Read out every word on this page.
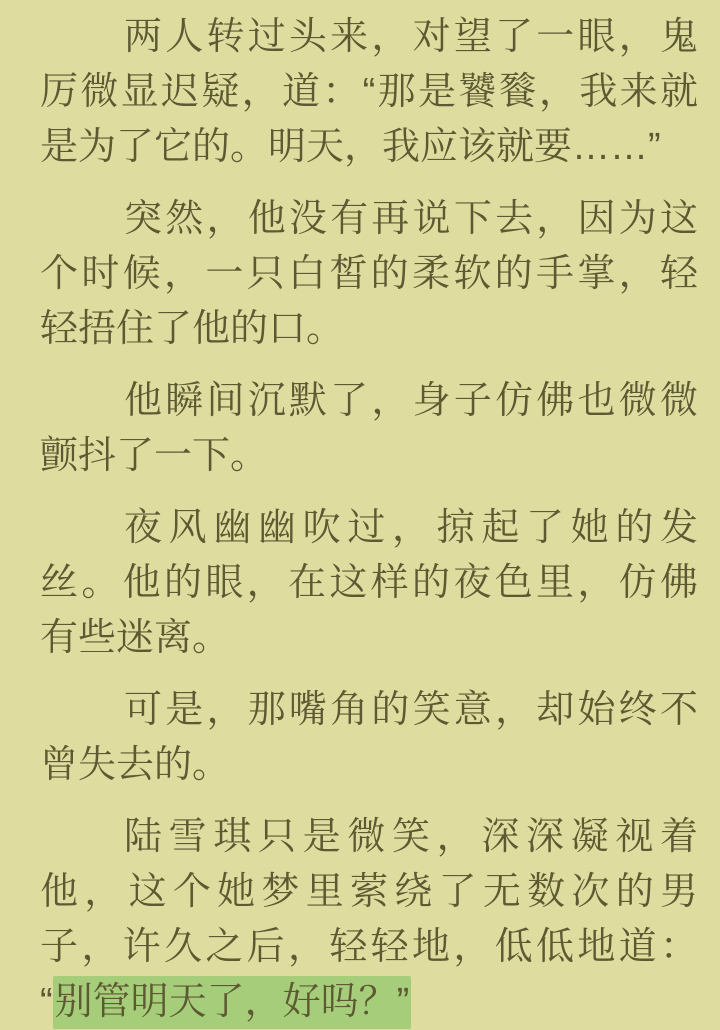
两人转过头来，对望了一眼，鬼
厉微显迟疑，道：“那是饕餮，我来就
是为了它的。明天，我应该就要……”
突然，他没有再说下去，因为这
个时候，一只白皙的柔软的手掌，轻
轻捂住了他的口。
他瞬间沉默了，身子仿佛也微微
颤抖了一下。
夜风幽幽吹过，掠起了她的发
丝。他的眼，在这样的夜色里，仿佛
有些迷离。
可是，那嘴角的笑意，却始终不
曾失去的。
陆雪琪只是微笑，深深凝视着
他，这个她梦里萦绕了无数次的男
子，许久之后，轻轻地，低低地道：
“别管明天了，好吗？”
